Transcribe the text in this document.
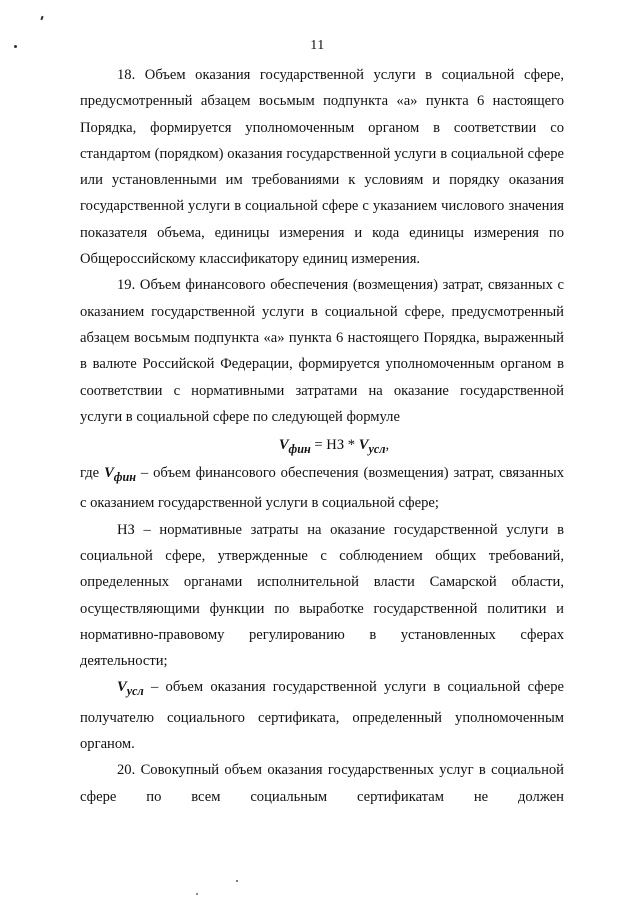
11

18. Объем оказания государственной услуги в социальной сфере, предусмотренный абзацем восьмым подпункта «а» пункта 6 настоящего Порядка, формируется уполномоченным органом в соответствии со стандартом (порядком) оказания государственной услуги в социальной сфере или установленными им требованиями к условиям и порядку оказания государственной услуги в социальной сфере с указанием числового значения показателя объема, единицы измерения и кода единицы измерения по Общероссийскому классификатору единиц измерения.

19. Объем финансового обеспечения (возмещения) затрат, связанных с оказанием государственной услуги в социальной сфере, предусмотренный абзацем восьмым подпункта «а» пункта 6 настоящего Порядка, выраженный в валюте Российской Федерации, формируется уполномоченным органом в соответствии с нормативными затратами на оказание государственной услуги в социальной сфере по следующей формуле

$V_{фин}$ = НЗ * $V_{усл}$,

где $V_{фин}$ – объем финансового обеспечения (возмещения) затрат, связанных с оказанием государственной услуги в социальной сфере;

НЗ – нормативные затраты на оказание государственной услуги в социальной сфере, утвержденные с соблюдением общих требований, определенных органами исполнительной власти Самарской области, осуществляющими функции по выработке государственной политики и нормативно-правовому регулированию в установленных сферах деятельности;

$V_{усл}$ – объем оказания государственной услуги в социальной сфере получателю социального сертификата, определенный уполномоченным органом.

20. Совокупный объем оказания государственных услуг в социальной сфере по всем социальным сертификатам не должен
